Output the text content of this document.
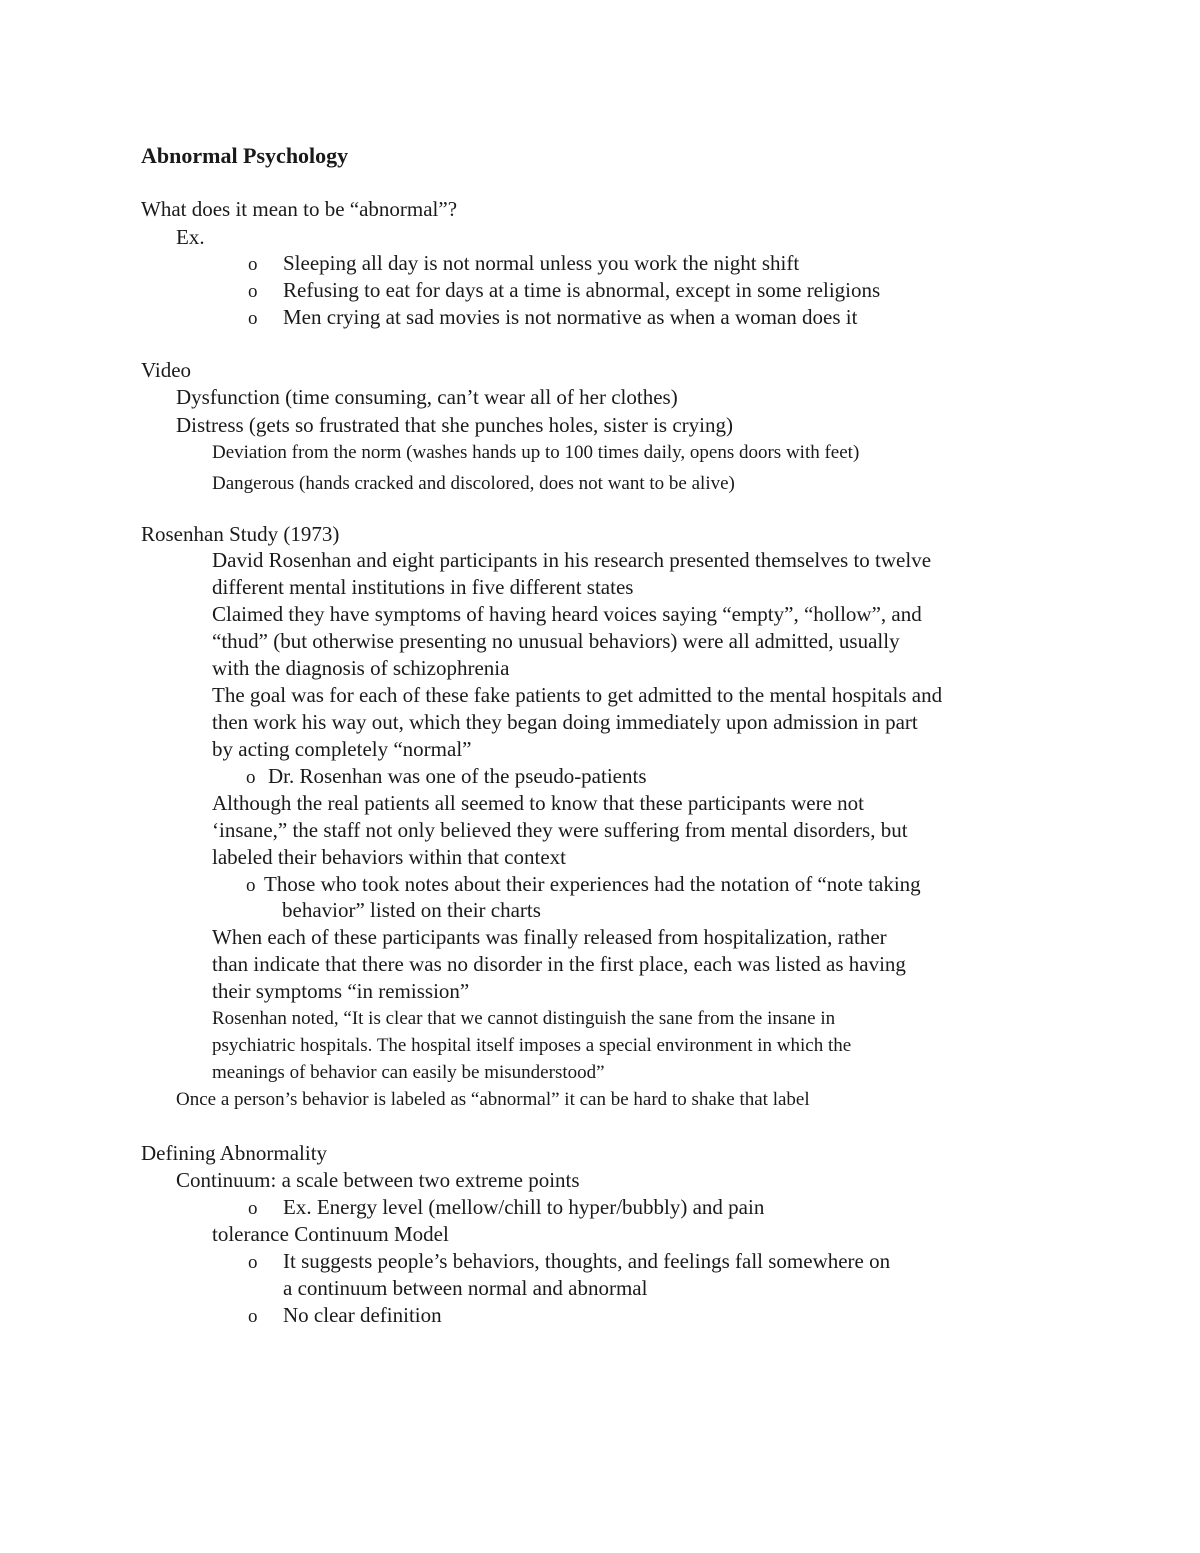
Abnormal Psychology
What does it mean to be “abnormal”?
Ex.
o Sleeping all day is not normal unless you work the night shift
o Refusing to eat for days at a time is abnormal, except in some religions
o Men crying at sad movies is not normative as when a woman does it
Video
Dysfunction (time consuming, can’t wear all of her clothes)
Distress (gets so frustrated that she punches holes, sister is crying)
Deviation from the norm (washes hands up to 100 times daily, opens doors with feet)
Dangerous (hands cracked and discolored, does not want to be alive)
Rosenhan Study (1973)
David Rosenhan and eight participants in his research presented themselves to twelve
different mental institutions in five different states
Claimed they have symptoms of having heard voices saying “empty”, “hollow”, and
“thud” (but otherwise presenting no unusual behaviors) were all admitted, usually
with the diagnosis of schizophrenia
The goal was for each of these fake patients to get admitted to the mental hospitals and
then work his way out, which they began doing immediately upon admission in part
by acting completely “normal”
o Dr. Rosenhan was one of the pseudo-patients
Although the real patients all seemed to know that these participants were not
‘insane,” the staff not only believed they were suffering from mental disorders, but
labeled their behaviors within that context
o Those who took notes about their experiences had the notation of “note taking
behavior” listed on their charts
When each of these participants was finally released from hospitalization, rather
than indicate that there was no disorder in the first place, each was listed as having
their symptoms “in remission”
Rosenhan noted, “It is clear that we cannot distinguish the sane from the insane in
psychiatric hospitals. The hospital itself imposes a special environment in which the
meanings of behavior can easily be misunderstood”
Once a person’s behavior is labeled as “abnormal” it can be hard to shake that label
Defining Abnormality
Continuum: a scale between two extreme points
o Ex. Energy level (mellow/chill to hyper/bubbly) and pain
tolerance Continuum Model
o It suggests people’s behaviors, thoughts, and feelings fall somewhere on
a continuum between normal and abnormal
o No clear definition
